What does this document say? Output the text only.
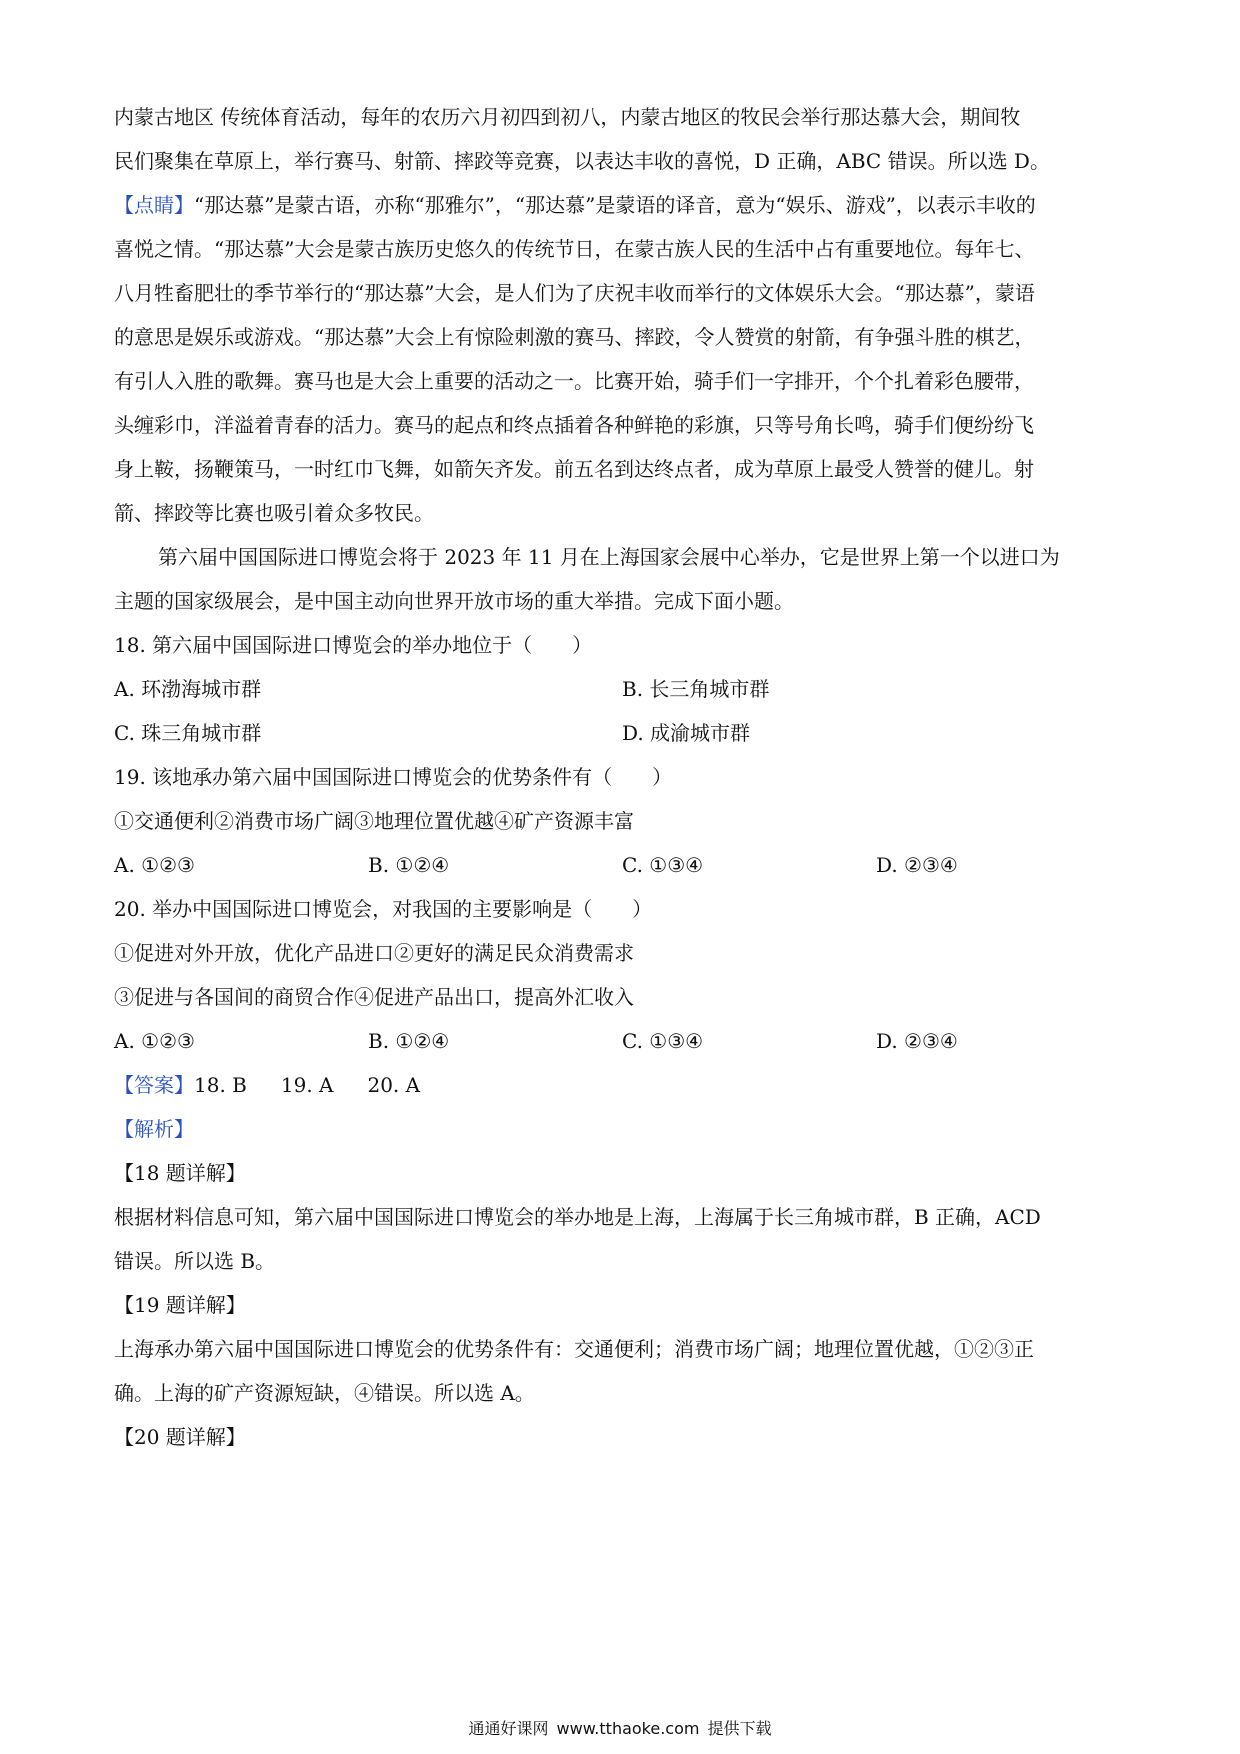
内蒙古地区 传统体育活动，每年的农历六月初四到初八，内蒙古地区的牧民会举行那达慕大会，期间牧
民们聚集在草原上，举行赛马、射箭、摔跤等竞赛，以表达丰收的喜悦，D 正确，ABC 错误。所以选 D。
【点睛】“那达慕”是蒙古语，亦称“那雅尔”，“那达慕”是蒙语的译音，意为“娱乐、游戏”，以表示丰收的
喜悦之情。“那达慕”大会是蒙古族历史悠久的传统节日，在蒙古族人民的生活中占有重要地位。每年七、
八月牲畜肥壮的季节举行的“那达慕”大会，是人们为了庆祝丰收而举行的文体娱乐大会。“那达慕”，蒙语
的意思是娱乐或游戏。“那达慕”大会上有惊险刺激的赛马、摔跤，令人赞赏的射箭，有争强斗胜的棋艺，
有引人入胜的歌舞。赛马也是大会上重要的活动之一。比赛开始，骑手们一字排开，个个扎着彩色腰带，
头缠彩巾，洋溢着青春的活力。赛马的起点和终点插着各种鲜艳的彩旗，只等号角长鸣，骑手们便纷纷飞
身上鞍，扬鞭策马，一时红巾飞舞，如箭矢齐发。前五名到达终点者，成为草原上最受人赞誉的健儿。射
箭、摔跤等比赛也吸引着众多牧民。
第六届中国国际进口博览会将于 2023 年 11 月在上海国家会展中心举办，它是世界上第一个以进口为
主题的国家级展会，是中国主动向世界开放市场的重大举措。完成下面小题。
18. 第六届中国国际进口博览会的举办地位于（　　）
A. 环渤海城市群	B. 长三角城市群
C. 珠三角城市群	D. 成渝城市群
19. 该地承办第六届中国国际进口博览会的优势条件有（　　）
①交通便利②消费市场广阔③地理位置优越④矿产资源丰富
A. ①②③	B. ①②④	C. ①③④	D. ②③④
20. 举办中国国际进口博览会，对我国的主要影响是（　　）
①促进对外开放，优化产品进口②更好的满足民众消费需求
③促进与各国间的商贸合作④促进产品出口，提高外汇收入
A. ①②③	B. ①②④	C. ①③④	D. ②③④
【答案】18. B 19. A 20. A
【解析】
【18 题详解】
根据材料信息可知，第六届中国国际进口博览会的举办地是上海，上海属于长三角城市群，B 正确，ACD
错误。所以选 B。
【19 题详解】
上海承办第六届中国国际进口博览会的优势条件有：交通便利；消费市场广阔；地理位置优越，①②③正
确。上海的矿产资源短缺，④错误。所以选 A。
【20 题详解】
通通好课网 www.tthaoke.com 提供下载
